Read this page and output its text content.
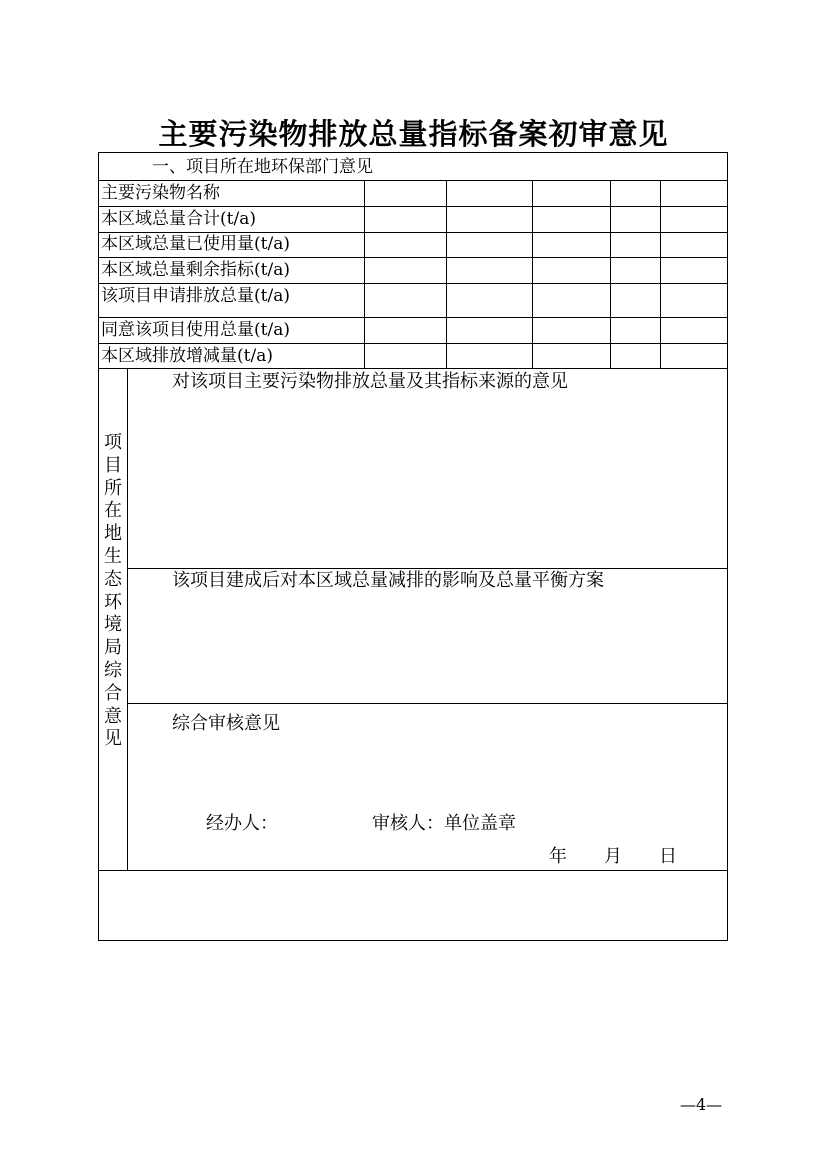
主要污染物排放总量指标备案初审意见
一、项目所在地环保部门意见
主要污染物名称
本区域总量合计(t/a)
本区域总量已使用量(t/a)
本区域总量剩余指标(t/a)
该项目申请排放总量(t/a)
同意该项目使用总量(t/a)
本区域排放增减量(t/a)
项目所在地生态环境局综合意见
对该项目主要污染物排放总量及其指标来源的意见
该项目建成后对本区域总量减排的影响及总量平衡方案
综合审核意见
经办人：	审核人：单位盖章
年 月 日
—4—
